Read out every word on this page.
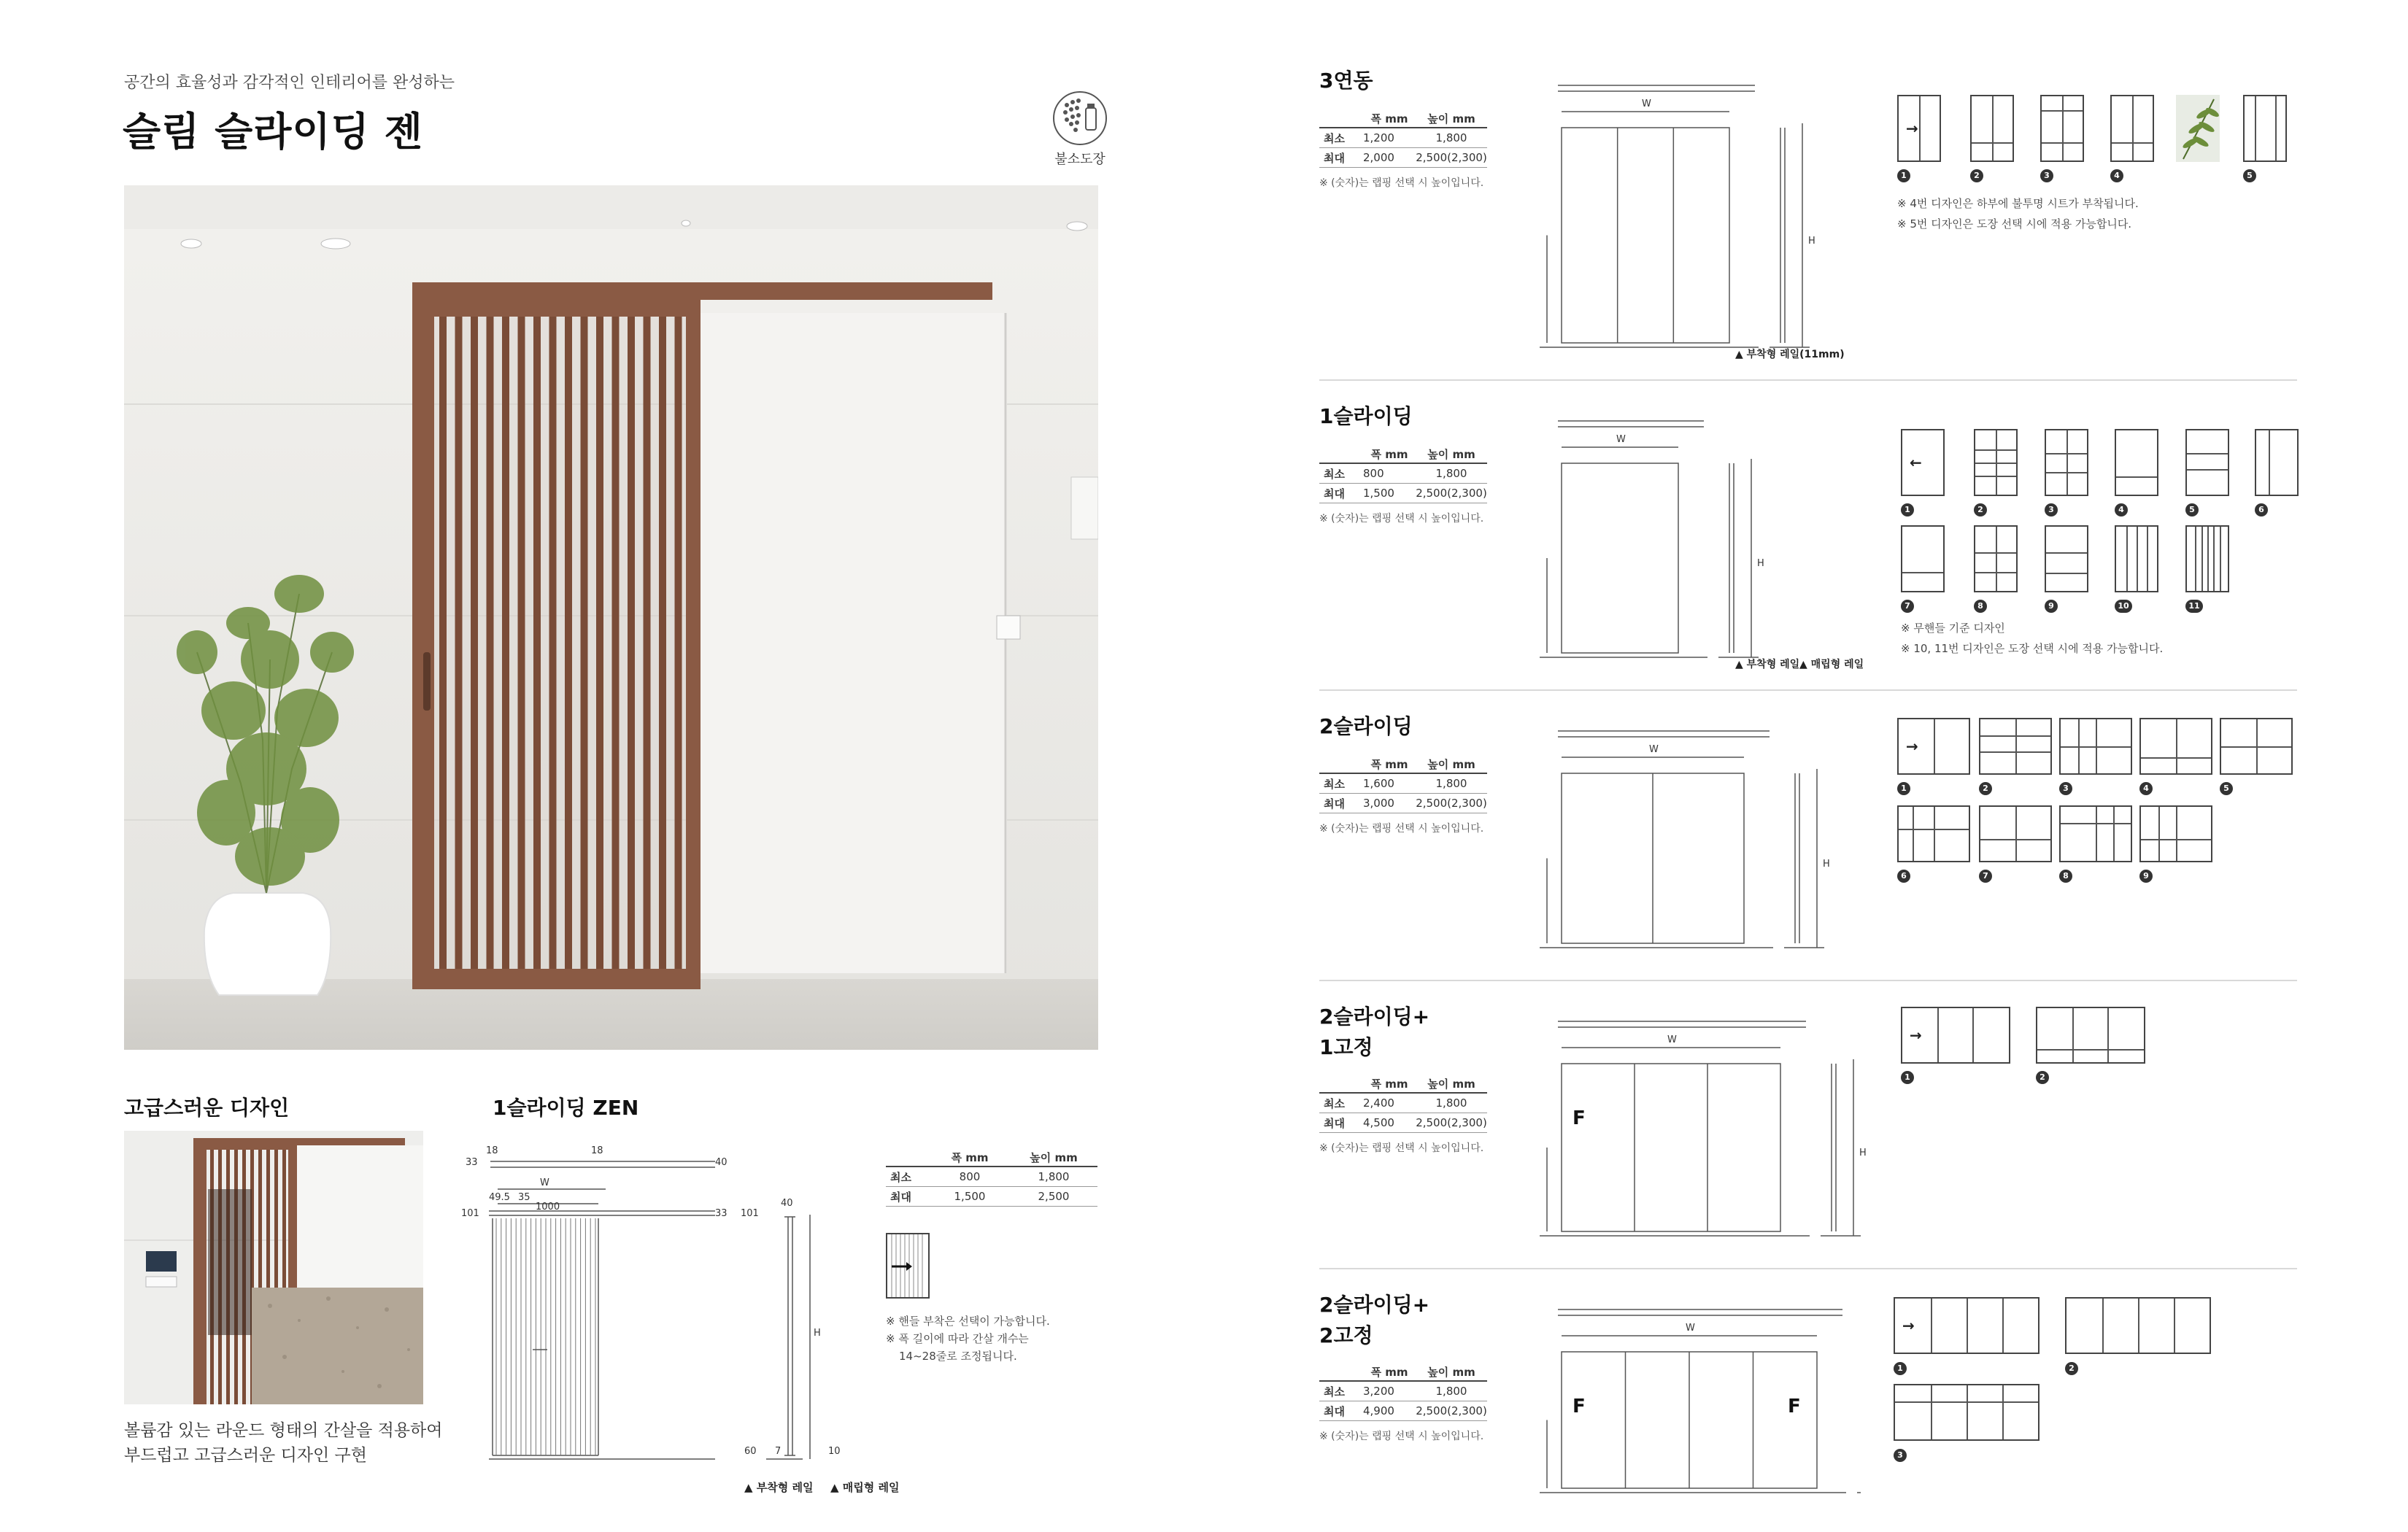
공간의 효율성과 감각적인 인테리어를 완성하는
슬림 슬라이딩 젠
불소도장
고급스러운 디자인
볼륨감 있는 라운드 형태의 간살을 적용하여
부드럽고 고급스러운 디자인 구현
1슬라이딩 ZEN
18	18
40
33
W
49.5 35
1000
101	33 101
40
H
60 7	10
폭 mm	높이 mm
최소	800	1,800
최대	1,500	2,500
※ 핸들 부착은 선택이 가능합니다.
※ 폭 길이에 따라 간살 개수는
14~28줄로 조정됩니다.
▲ 부착형 레일 ▲ 매립형 레일
3연동
폭 mm	높이 mm
최소	1,200	1,800
최대	2,000	2,500(2,300)
※ (숫자)는 랩핑 선택 시 높이입니다.
W
H
▲ 부착형 레일(11mm)
→
1	2	3	4	5
※ 4번 디자인은 하부에 불투명 시트가 부착됩니다.
※ 5번 디자인은 도장 선택 시에 적용 가능합니다.
1슬라이딩
폭 mm	높이 mm
최소	800	1,800
최대	1,500	2,500(2,300)
※ (숫자)는 랩핑 선택 시 높이입니다.
W
H
▲ 부착형 레일 ▲ 매립형 레일
←
1	2	3	4	5	6
7	8	9	10	11
※ 무핸들 기준 디자인
※ 10, 11번 디자인은 도장 선택 시에 적용 가능합니다.
2슬라이딩
폭 mm	높이 mm
최소	1,600	1,800
최대	3,000	2,500(2,300)
※ (숫자)는 랩핑 선택 시 높이입니다.
W
H
→
1	2	3	4	5
6	7	8	9
2슬라이딩+
1고정
폭 mm	높이 mm
최소	2,400	1,800
최대	4,500	2,500(2,300)
※ (숫자)는 랩핑 선택 시 높이입니다.
W
H
F
→
1	2
2슬라이딩+
2고정
폭 mm	높이 mm
최소	3,200	1,800
최대	4,900	2,500(2,300)
※ (숫자)는 랩핑 선택 시 높이입니다.
W
F	F
→
1	2
3
